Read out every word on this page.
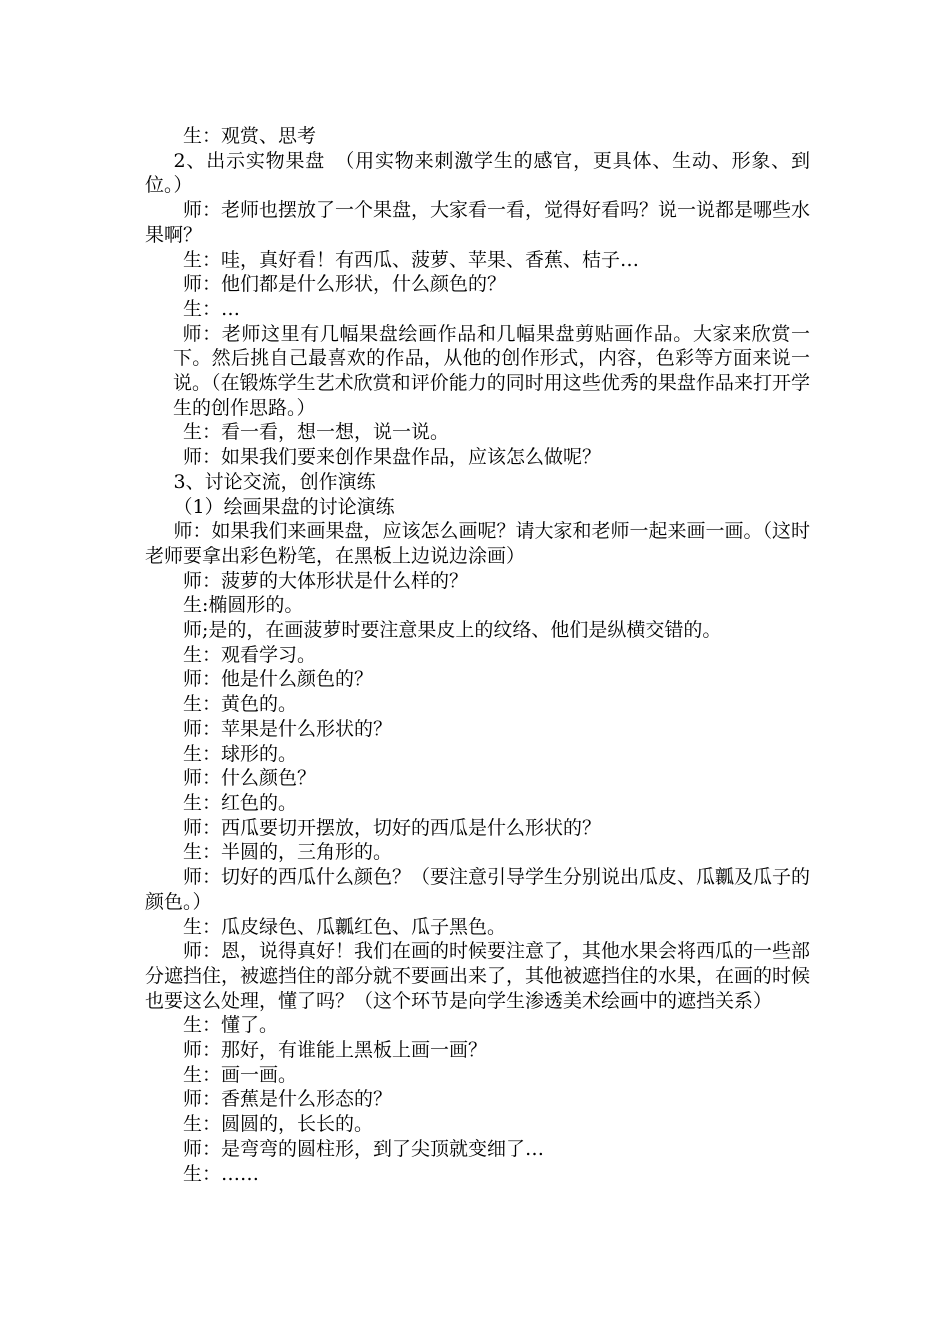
生：观赏、思考

2、出示实物果盘　（用实物来刺激学生的感官，更具体、生动、形象、到位。）

师：老师也摆放了一个果盘，大家看一看，觉得好看吗？说一说都是哪些水果啊？

生：哇，真好看！有西瓜、菠萝、苹果、香蕉、桔子…

师：他们都是什么形状，什么颜色的？

生：…

师：老师这里有几幅果盘绘画作品和几幅果盘剪贴画作品。大家来欣赏一下。然后挑自己最喜欢的作品，从他的创作形式，内容，色彩等方面来说一说。（在锻炼学生艺术欣赏和评价能力的同时用这些优秀的果盘作品来打开学生的创作思路。）

生：看一看，想一想，说一说。

师：如果我们要来创作果盘作品，应该怎么做呢？

3、讨论交流，创作演练

（1）绘画果盘的讨论演练

师：如果我们来画果盘，应该怎么画呢？请大家和老师一起来画一画。（这时老师要拿出彩色粉笔，在黑板上边说边涂画）

师：菠萝的大体形状是什么样的？

生:椭圆形的。

师;是的，在画菠萝时要注意果皮上的纹络、他们是纵横交错的。

生：观看学习。

师：他是什么颜色的？

生：黄色的。

师：苹果是什么形状的？

生：球形的。

师：什么颜色？

生：红色的。

师：西瓜要切开摆放，切好的西瓜是什么形状的？

生：半圆的，三角形的。

师：切好的西瓜什么颜色？（要注意引导学生分别说出瓜皮、瓜瓤及瓜子的颜色。）

生：瓜皮绿色、瓜瓤红色、瓜子黑色。

师：恩，说得真好！我们在画的时候要注意了，其他水果会将西瓜的一些部分遮挡住，被遮挡住的部分就不要画出来了，其他被遮挡住的水果，在画的时候也要这么处理，懂了吗？（这个环节是向学生渗透美术绘画中的遮挡关系）

生：懂了。

师：那好，有谁能上黑板上画一画？

生：画一画。

师：香蕉是什么形态的？

生：圆圆的，长长的。

师：是弯弯的圆柱形，到了尖顶就变细了…

生：……
